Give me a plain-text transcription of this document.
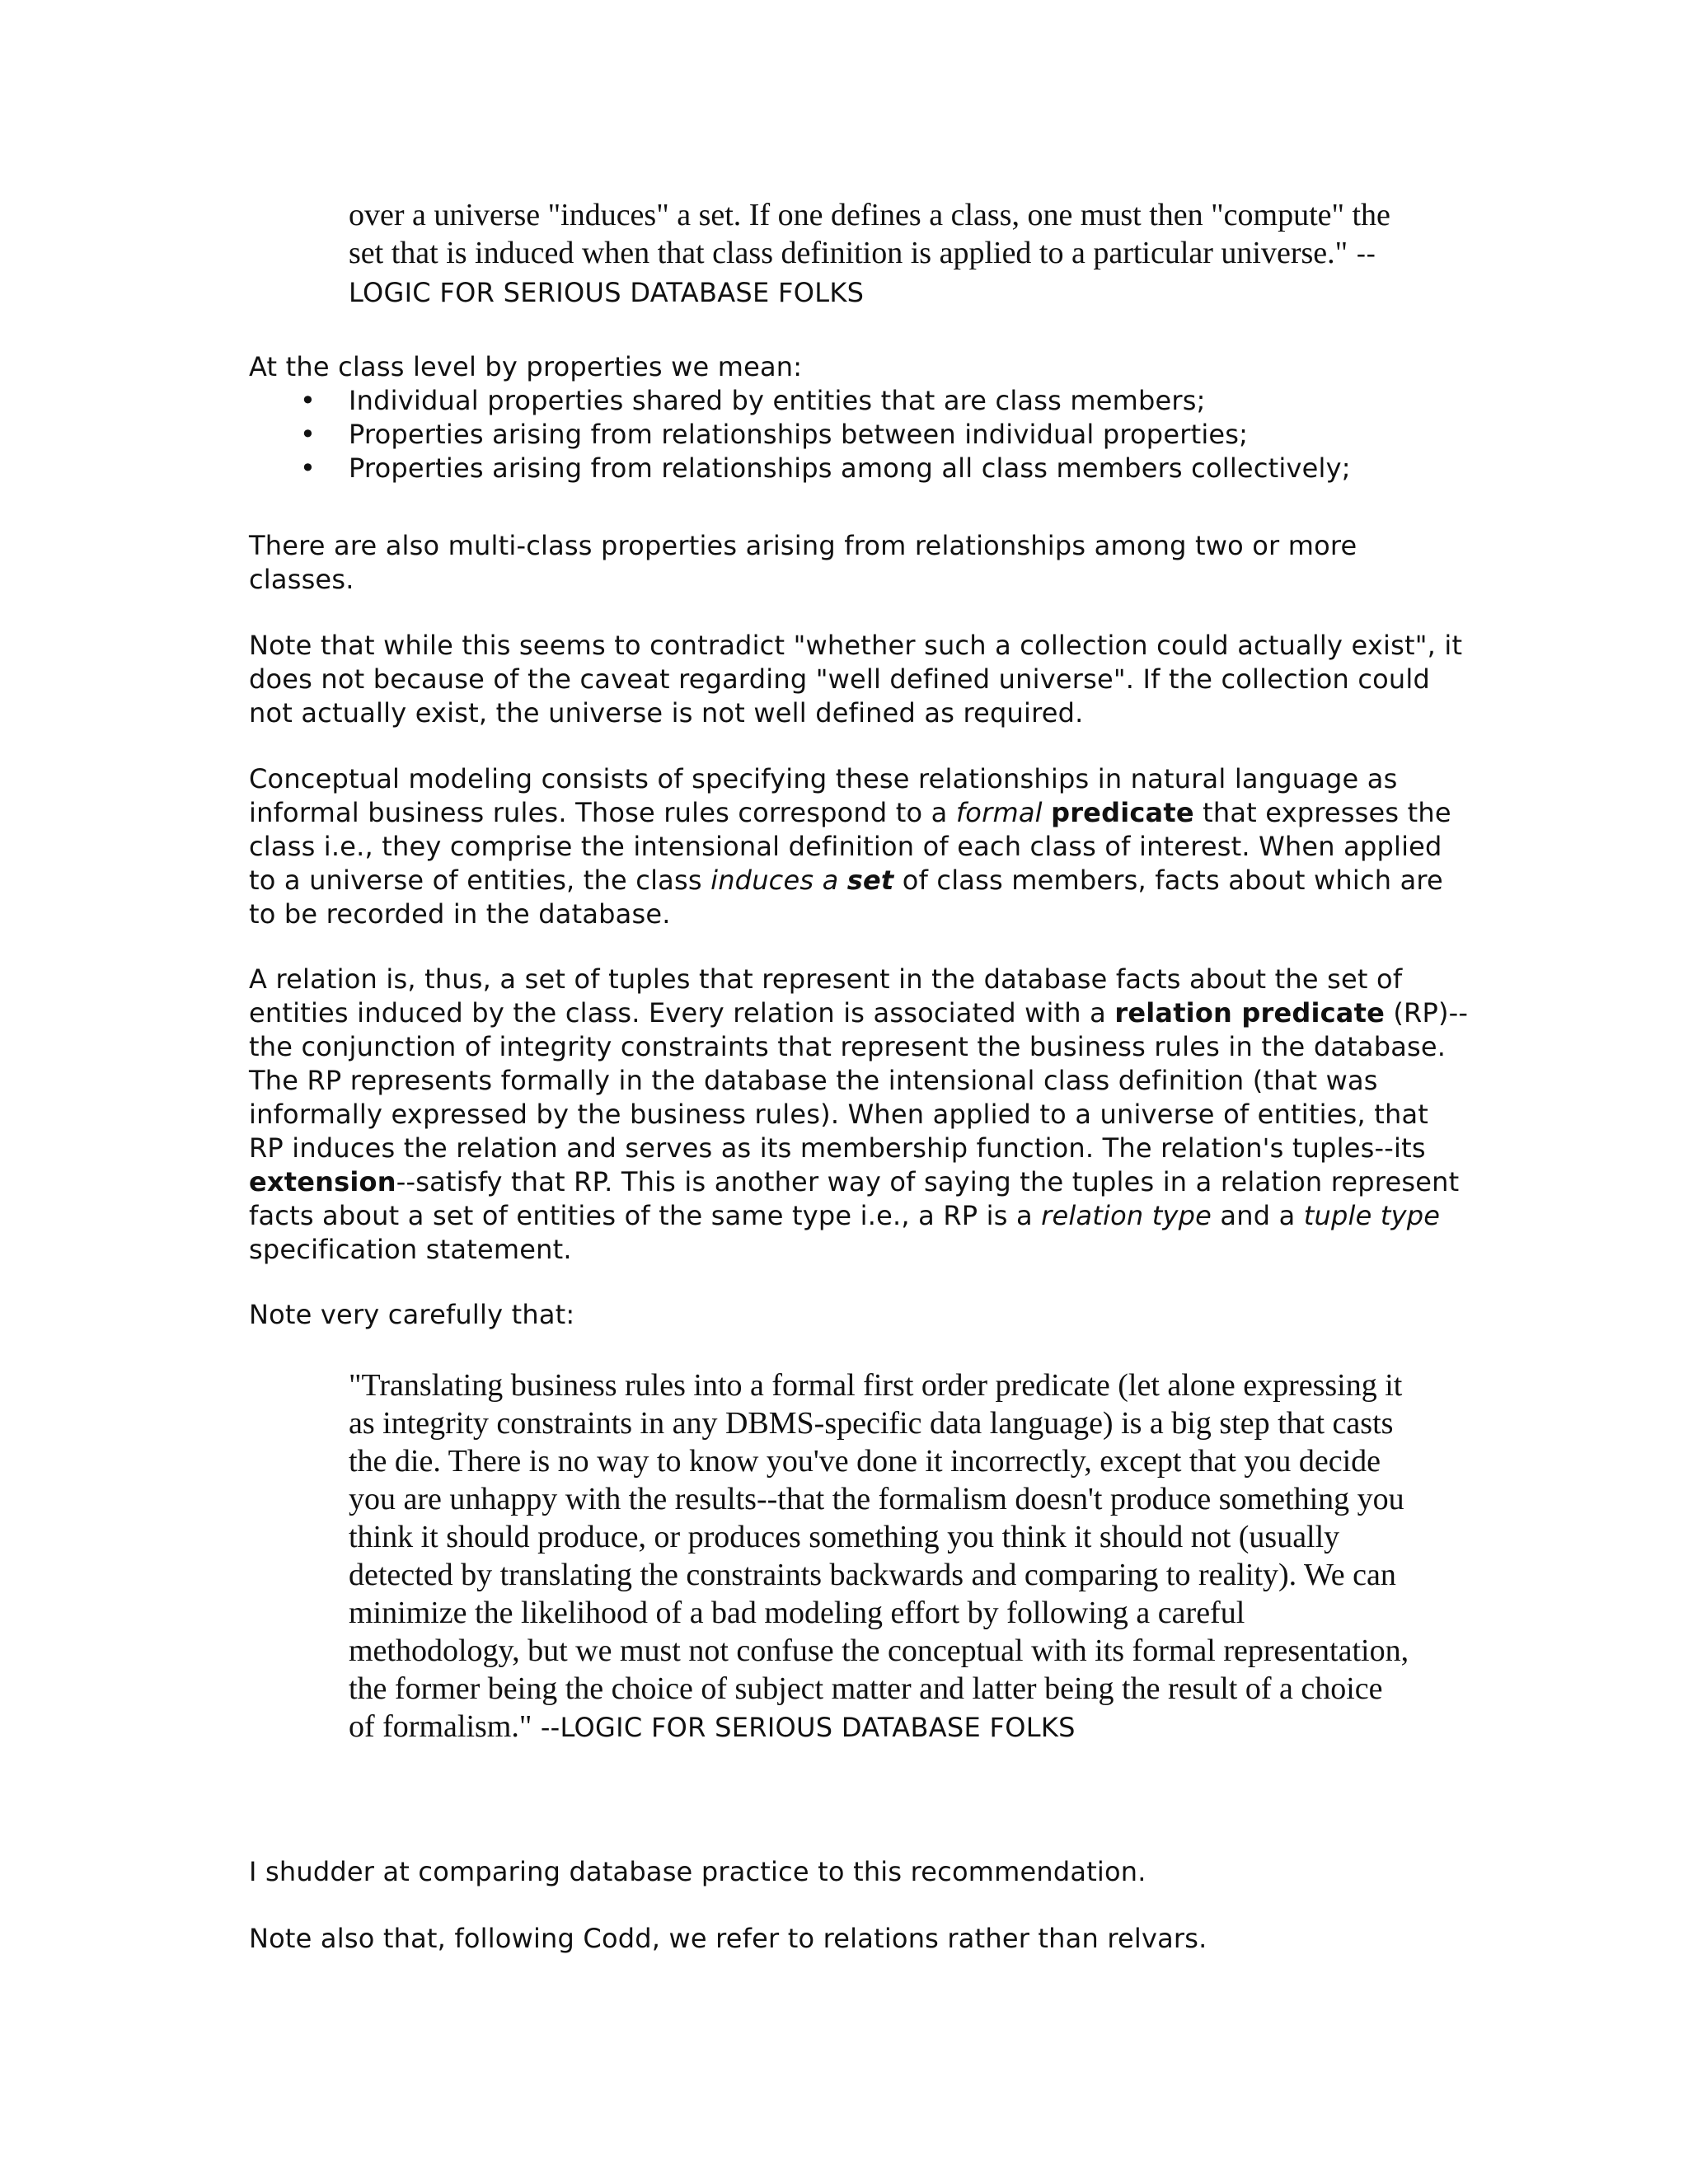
over a universe "induces" a set. If one defines a class, one must then "compute" the set that is induced when that class definition is applied to a particular universe." --LOGIC FOR SERIOUS DATABASE FOLKS

At the class level by properties we mean:

• Individual properties shared by entities that are class members;
• Properties arising from relationships between individual properties;
• Properties arising from relationships among all class members collectively;

There are also multi-class properties arising from relationships among two or more classes.

Note that while this seems to contradict "whether such a collection could actually exist", it does not because of the caveat regarding "well defined universe". If the collection could not actually exist, the universe is not well defined as required.

Conceptual modeling consists of specifying these relationships in natural language as informal business rules. Those rules correspond to a formal predicate that expresses the class i.e., they comprise the intensional definition of each class of interest. When applied to a universe of entities, the class induces a set of class members, facts about which are to be recorded in the database.

A relation is, thus, a set of tuples that represent in the database facts about the set of entities induced by the class. Every relation is associated with a relation predicate (RP)--the conjunction of integrity constraints that represent the business rules in the database. The RP represents formally in the database the intensional class definition (that was informally expressed by the business rules). When applied to a universe of entities, that RP induces the relation and serves as its membership function. The relation's tuples--its extension--satisfy that RP. This is another way of saying the tuples in a relation represent facts about a set of entities of the same type i.e., a RP is a relation type and a tuple type specification statement.

Note very carefully that:

"Translating business rules into a formal first order predicate (let alone expressing it as integrity constraints in any DBMS-specific data language) is a big step that casts the die. There is no way to know you've done it incorrectly, except that you decide you are unhappy with the results--that the formalism doesn't produce something you think it should produce, or produces something you think it should not (usually detected by translating the constraints backwards and comparing to reality). We can minimize the likelihood of a bad modeling effort by following a careful methodology, but we must not confuse the conceptual with its formal representation, the former being the choice of subject matter and latter being the result of a choice of formalism." --LOGIC FOR SERIOUS DATABASE FOLKS

I shudder at comparing database practice to this recommendation.

Note also that, following Codd, we refer to relations rather than relvars.
